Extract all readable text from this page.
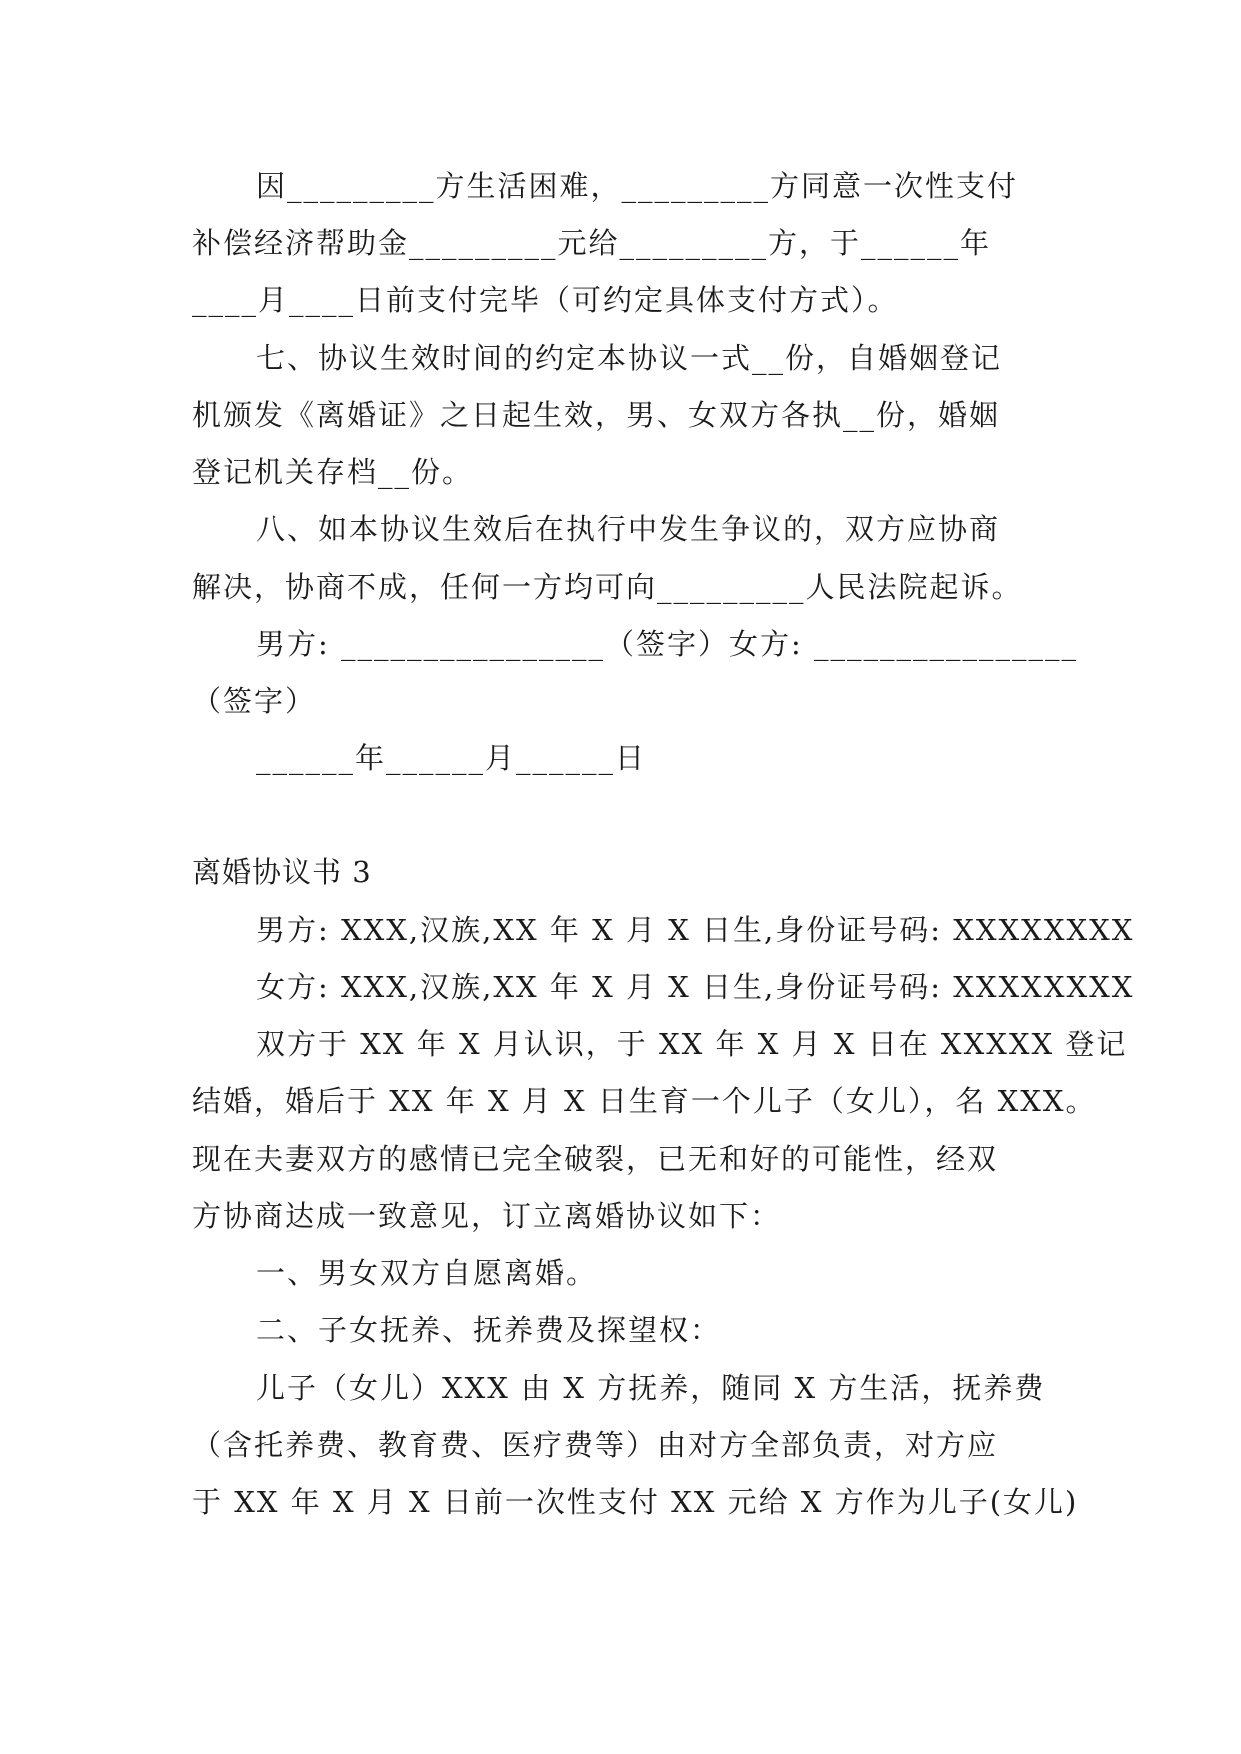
因_________方生活困难，_________方同意一次性支付
补偿经济帮助金_________元给_________方，于______年
____月____日前支付完毕（可约定具体支付方式）。
七、协议生效时间的约定本协议一式__份，自婚姻登记
机颁发《离婚证》之日起生效，男、女双方各执__份，婚姻
登记机关存档__份。
八、如本协议生效后在执行中发生争议的，双方应协商
解决，协商不成，任何一方均可向_________人民法院起诉。
男方: ________________（签字）女方: ________________
（签字）
______年______月______日
离婚协议书 3
男方: XXX,汉族,XX 年 X 月 X 日生,身份证号码: XXXXXXXX
女方: XXX,汉族,XX 年 X 月 X 日生,身份证号码: XXXXXXXX
双方于 XX 年 X 月认识，于 XX 年 X 月 X 日在 XXXXX 登记
结婚，婚后于 XX 年 X 月 X 日生育一个儿子（女儿），名 XXX。
现在夫妻双方的感情已完全破裂，已无和好的可能性，经双
方协商达成一致意见，订立离婚协议如下：
一、男女双方自愿离婚。
二、子女抚养、抚养费及探望权：
儿子（女儿）XXX 由 X 方抚养，随同 X 方生活，抚养费
（含托养费、教育费、医疗费等）由对方全部负责，对方应
于 XX 年 X 月 X 日前一次性支付 XX 元给 X 方作为儿子(女儿)
